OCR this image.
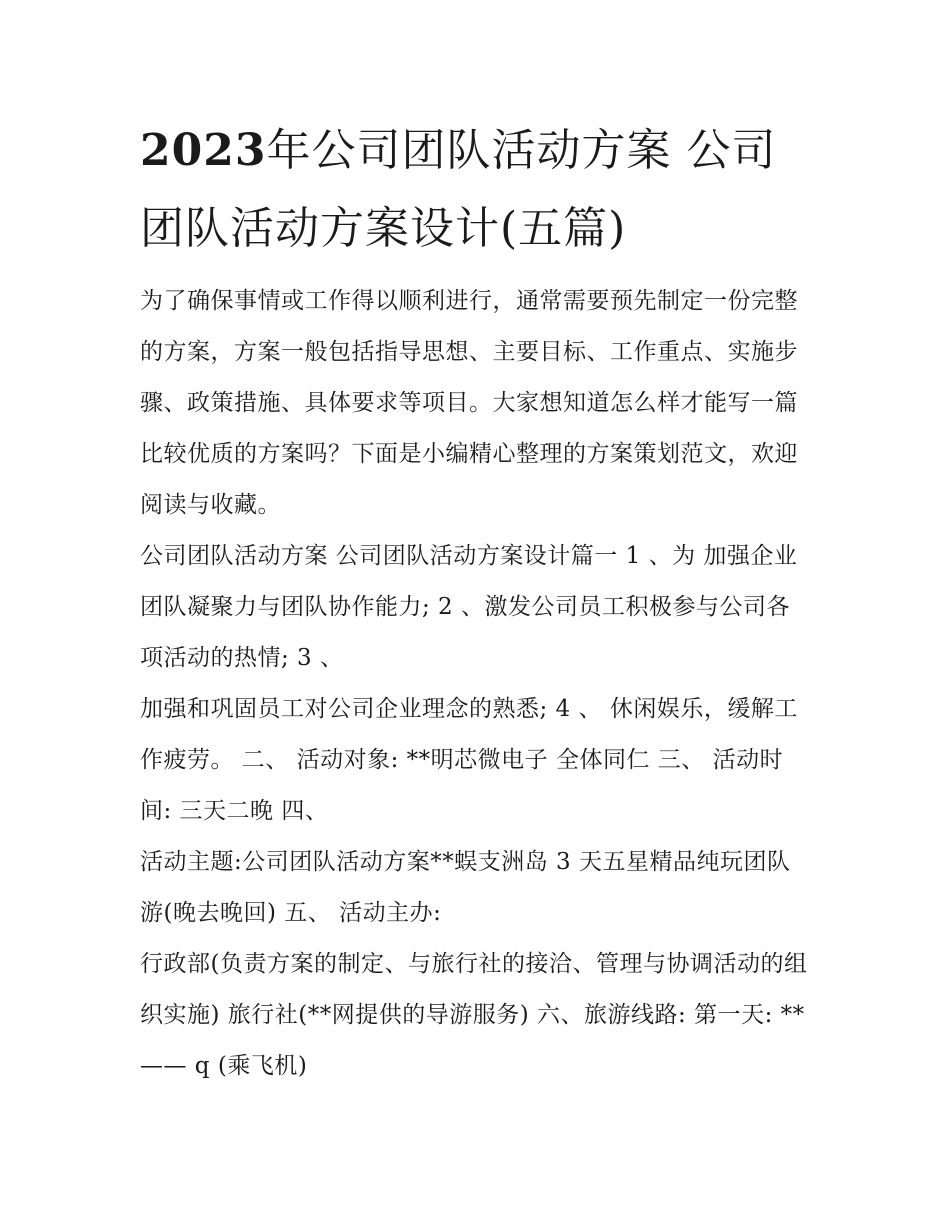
2023年公司团队活动方案 公司团队活动方案设计(五篇)

为了确保事情或工作得以顺利进行，通常需要预先制定一份完整的方案，方案一般包括指导思想、主要目标、工作重点、实施步骤、政策措施、具体要求等项目。大家想知道怎么样才能写一篇比较优质的方案吗？下面是小编精心整理的方案策划范文，欢迎阅读与收藏。

公司团队活动方案 公司团队活动方案设计篇一 1 、为 加强企业团队凝聚力与团队协作能力; 2 、激发公司员工积极参与公司各项活动的热情; 3 、

加强和巩固员工对公司企业理念的熟悉; 4 、 休闲娱乐，缓解工作疲劳。 二、 活动对象: **明芯微电子 全体同仁 三、 活动时间: 三天二晚 四、

活动主题:公司团队活动方案**蜈支洲岛 3 天五星精品纯玩团队游(晚去晚回) 五、 活动主办:

行政部(负责方案的制定、与旅行社的接洽、管理与协调活动的组织实施) 旅行社(**网提供的导游服务) 六、旅游线路: 第一天: ** —— q (乘飞机)
